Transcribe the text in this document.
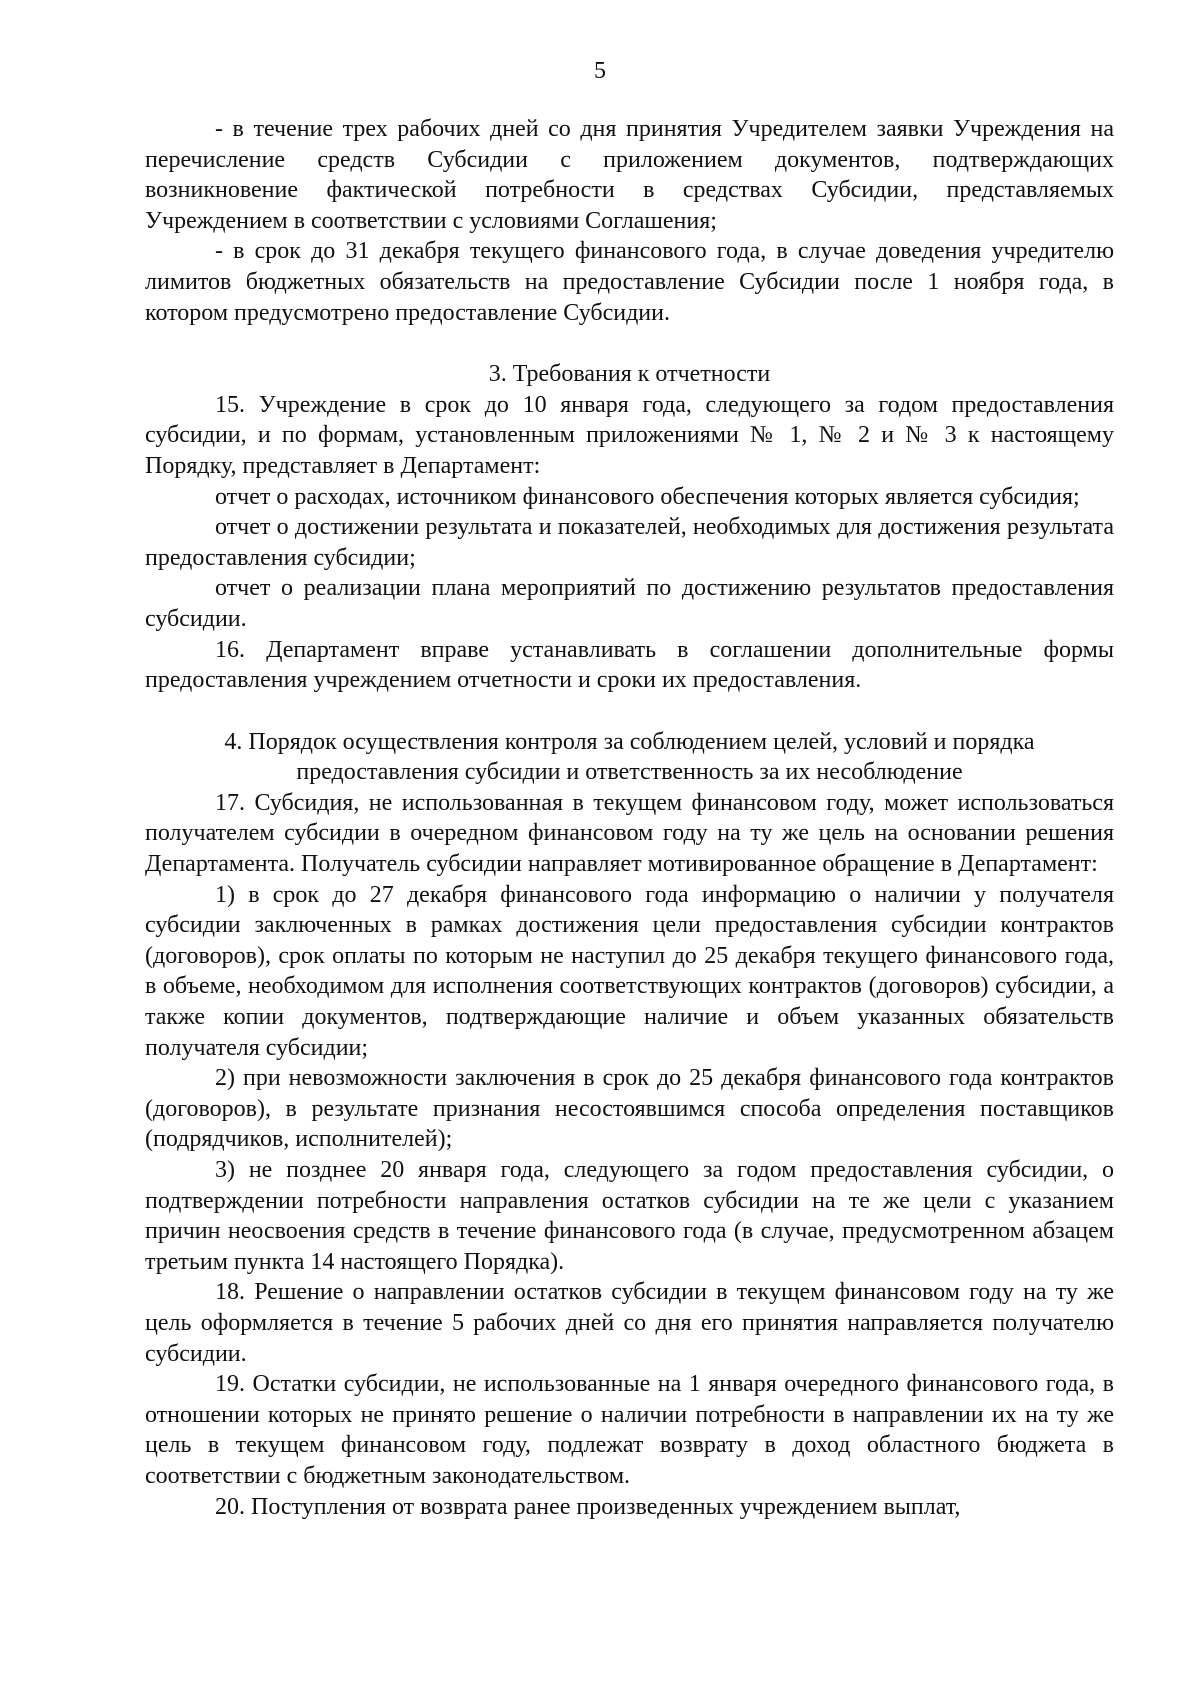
5

- в течение трех рабочих дней со дня принятия Учредителем заявки Учреждения на перечисление средств Субсидии с приложением документов, подтверждающих возникновение фактической потребности в средствах Субсидии, представляемых Учреждением в соответствии с условиями Соглашения;

- в срок до 31 декабря текущего финансового года, в случае доведения учредителю лимитов бюджетных обязательств на предоставление Субсидии после 1 ноября года, в котором предусмотрено предоставление Субсидии.

3. Требования к отчетности

15. Учреждение в срок до 10 января года, следующего за годом предоставления субсидии, и по формам, установленным приложениями № 1, № 2 и № 3 к настоящему Порядку, представляет в Департамент:

отчет о расходах, источником финансового обеспечения которых является субсидия;

отчет о достижении результата и показателей, необходимых для достижения результата предоставления субсидии;

отчет о реализации плана мероприятий по достижению результатов предоставления субсидии.

16. Департамент вправе устанавливать в соглашении дополнительные формы предоставления учреждением отчетности и сроки их предоставления.

4. Порядок осуществления контроля за соблюдением целей, условий и порядка
предоставления субсидии и ответственность за их несоблюдение

17. Субсидия, не использованная в текущем финансовом году, может использоваться получателем субсидии в очередном финансовом году на ту же цель на основании решения Департамента. Получатель субсидии направляет мотивированное обращение в Департамент:

1) в срок до 27 декабря финансового года информацию о наличии у получателя субсидии заключенных в рамках достижения цели предоставления субсидии контрактов (договоров), срок оплаты по которым не наступил до 25 декабря текущего финансового года, в объеме, необходимом для исполнения соответствующих контрактов (договоров) субсидии, а также копии документов, подтверждающие наличие и объем указанных обязательств получателя субсидии;

2) при невозможности заключения в срок до 25 декабря финансового года контрактов (договоров), в результате признания несостоявшимся способа определения поставщиков (подрядчиков, исполнителей);

3) не позднее 20 января года, следующего за годом предоставления субсидии, о подтверждении потребности направления остатков субсидии на те же цели с указанием причин неосвоения средств в течение финансового года (в случае, предусмотренном абзацем третьим пункта 14 настоящего Порядка).

18. Решение о направлении остатков субсидии в текущем финансовом году на ту же цель оформляется в течение 5 рабочих дней со дня его принятия направляется получателю субсидии.

19. Остатки субсидии, не использованные на 1 января очередного финансового года, в отношении которых не принято решение о наличии потребности в направлении их на ту же цель в текущем финансовом году, подлежат возврату в доход областного бюджета в соответствии с бюджетным законодательством.

20. Поступления от возврата ранее произведенных учреждением выплат,
